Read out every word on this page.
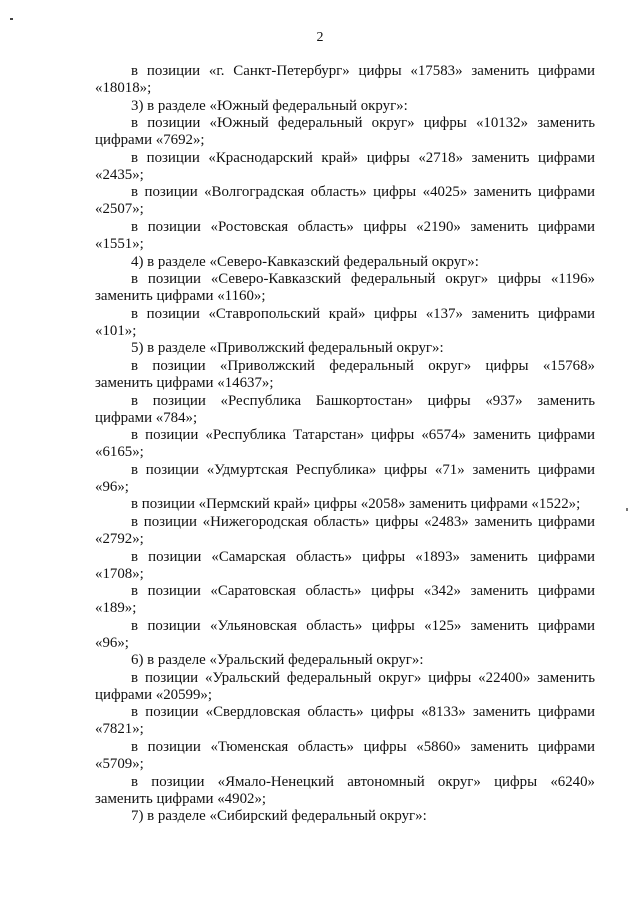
2
в позиции «г. Санкт-Петербург» цифры «17583» заменить цифрами
«18018»;
3) в разделе «Южный федеральный округ»:
в позиции «Южный федеральный округ» цифры «10132» заменить
цифрами «7692»;
в позиции «Краснодарский край» цифры «2718» заменить цифрами
«2435»;
в позиции «Волгоградская область» цифры «4025» заменить цифрами
«2507»;
в позиции «Ростовская область» цифры «2190» заменить цифрами
«1551»;
4) в разделе «Северо-Кавказский федеральный округ»:
в позиции «Северо-Кавказский федеральный округ» цифры «1196»
заменить цифрами «1160»;
в позиции «Ставропольский край» цифры «137» заменить цифрами
«101»;
5) в разделе «Приволжский федеральный округ»:
в позиции «Приволжский федеральный округ» цифры «15768»
заменить цифрами «14637»;
в позиции «Республика Башкортостан» цифры «937» заменить
цифрами «784»;
в позиции «Республика Татарстан» цифры «6574» заменить цифрами
«6165»;
в позиции «Удмуртская Республика» цифры «71» заменить цифрами
«96»;
в позиции «Пермский край» цифры «2058» заменить цифрами «1522»;
в позиции «Нижегородская область» цифры «2483» заменить цифрами
«2792»;
в позиции «Самарская область» цифры «1893» заменить цифрами
«1708»;
в позиции «Саратовская область» цифры «342» заменить цифрами
«189»;
в позиции «Ульяновская область» цифры «125» заменить цифрами
«96»;
6) в разделе «Уральский федеральный округ»:
в позиции «Уральский федеральный округ» цифры «22400» заменить
цифрами «20599»;
в позиции «Свердловская область» цифры «8133» заменить цифрами
«7821»;
в позиции «Тюменская область» цифры «5860» заменить цифрами
«5709»;
в позиции «Ямало-Ненецкий автономный округ» цифры «6240»
заменить цифрами «4902»;
7) в разделе «Сибирский федеральный округ»:
